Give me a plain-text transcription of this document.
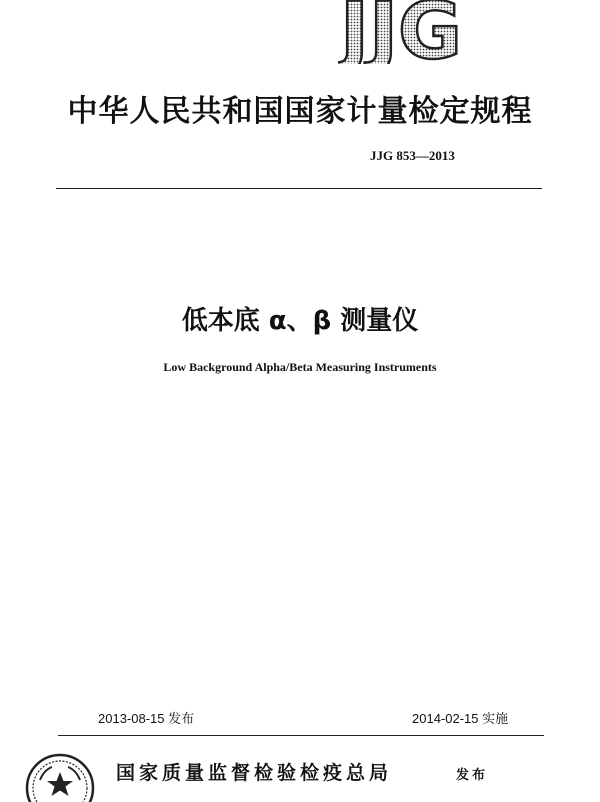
JJG
中华人民共和国国家计量检定规程
JJG 853—2013
低本底 α、β 测量仪
Low Background Alpha/Beta Measuring Instruments
2013-08-15 发布	2014-02-15 实施
国家质量监督检验检疫总局	发布
